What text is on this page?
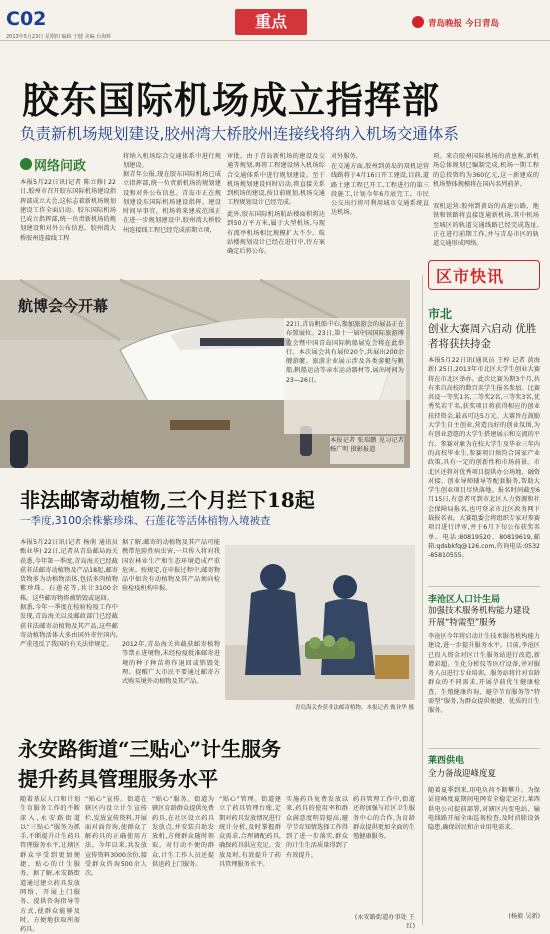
C02	重点
2013年5月23日 星期四 编辑 于健 美编 台海辉
青岛晚报 今日青岛
胶东国际机场成立指挥部
负责新机场规划建设,胶州湾大桥胶州连接线将纳入机场交通体系
网络问政
本报5月22日讯(记者 陈立修) 22日,胶州市召开胶东国际机场建设指挥部成立大会,这标志着新机场规划建设工作全面启动。胶东国际机场已成立指挥部,统一负责新机场的规划建设和对外公布信息。胶州湾大桥胶州连接线工程
将纳入机场综合交通体系中进行规划建设。
据青年公报,现在胶东国际机场已成立指挥部,统一负责新机场的规划建设和对外公布信息。青岛市正在规划建设东国际机场建设指挥。建设时间早事宜。机场将来建成范围正在进一步规划建设中,胶州湾大桥胶州连接线工程已经完成前期立项,
审批。由于青岛新机场的建设及交通等规划,再将工程建设纳入机场综合交通体系中进行规划建设。至于机场规划建设何时启动,将直接关系到机场的建设,按目前规划,机场交通工程规划设计已经完成。
此外,胶东国际机场航站楼面积将达到50万平方米,属于大型机场,与现有流亭机场相比规模扩大不少。航站楼规划设计已经在进行中,待方案确定后将公布。
对外服务。
在交通方面,胶州到黄岛的双机运营线路将于4月16日开工建设,目前,道路土建工程已开工,工程进行的第三段施工,计划今年6月底完工。市民公交出行将可利用城市交通系统直达机场。
项。来自胶州国际机场的消息称,新机场总体规划已编制完成,机场一期工程的总投资约为360亿元,这一新建成的机场整体规模将在国内名列前茅。
双机运营:胶州到黄岛的高速公路、地铁和铁路将直接连通新机场,其中机场至城区的轨道交通线路已经完成选址,正在进行前期工作,并与青岛市区的轨道交通形成网络。
航博会今开幕
22日,青岛帆船中心,参加旅游会的展品正在布置展位。23日,第十一届中国国际旅游博览会暨中国青岛国际帆船展览会将在此举行。本次展会共有展位20个,共展出200余艘游艇。旅游企业展示涉及各类游艇与帆船,帆船运动等亲水运动器材等,展出时间为23—26日。
本报记者 张瑞鹏 见习记者 杨广明 摄影报道
非法邮寄动植物,三个月拦下18起
一季度,3100余株紫珍珠、石莲花等活体植物入境被查
本报5月22日讯(记者 杨萌 通讯员 甄业华) 22日,记者从青岛邮局海关获悉,今年第一季度,青岛海关已经截获非法邮寄动植物及产品18起,邮寄货物多为动植物活体,包括多肉植物紫珍珠、石莲花等,共计3100余株。这些邮寄物将被销毁或退回。
据悉,今年一季度在检验检疫工作中发现,青岛海关以及邮政部门已经截获非法邮寄动植物及其产品,这些邮寄动植物活体大多由国外寄往国内,严重违反了我国的有关法律规定。
据了解,邮寄的动植物及其产品可能携带危险性病虫害,一旦传入将对我国农林业生产和生态环境造成严重危害。按规定,在申报过程中,邮寄物品中如含有动植物及其产品须向检验检疫机构申报。
2012年,青岛海关共截获邮寄植物等禁止进境物,未经检疫批准邮寄进境的种子种苗将作退回或销毁处理。提醒广大市民不要通过邮寄方式购买境外动植物及其产品。
青岛海关查获非法邮寄植物。本报记者 甄业华 摄
永安路街道“三贴心”计生服务
提升药具管理服务水平
随着基层人口和计划生育服务工作的不断深入,永安路街道以“三贴心”服务为抓手,不断提升计生药具管理服务水平,让辖区群众享受到更加便捷、贴心的计生服务。据了解,永安路街道通过建立药具发放网络、开展上门服务、提供咨询指导等方式,使群众能够及时、方便地获取所需药具。
“贴心”宣传。街道在辖区内设立计生宣传栏,发放宣传资料,开展面对面咨询,使群众了解药具的正确使用方法。今年以来,共发放宣传资料3000余份,接受群众咨询500余人次。
“贴心”服务。街道为辖区育龄群众提供免费药具,在社区设立药具发放点,并安装自助发放机,方便群众随时领取。对行动不便的群众,计生工作人员还提供送药上门服务。
“贴心”管理。街道建立了药具管理台账,定期对药具发放情况进行统计分析,及时掌握群众需求,合理调配药具,确保药具供应充足、发放及时,有效提升了药具管理服务水平。
实施药具免费发放以来,药具的使用率和群众满意度明显提高,避孕节育知情选择工作得到了进一步落实,群众的计生生活质量得到了有效提升。
药具管理工作中,街道还将加强与社区卫生服务中心的合作,为育龄群众提供更加全面的生殖健康服务。
(永安路街道办事处 王红)
区市快讯
市北
创业大赛周六启动 优胜者将获扶持金
本报5月22日讯(通讯员 王梓 记者 黄海新) 25日,2013年市北区大学生创业大赛将在市北区举办。此次比赛为期3个月,共有来自高校的数百名学生报名参加。比赛共设一等奖1名,二等奖2名,三等奖3名,优秀奖若干名,获奖项目将获得相应的创业扶持资金,最高可达5万元。大赛旨在鼓励大学生自主创业,营造良好的创业氛围,为有创业意愿的大学生搭建展示和交流的平台。参赛对象为在校大学生及毕业三年内的高校毕业生,参赛项目须符合国家产业政策,具有一定的创新性和市场前景。市北区还将对优秀项目提供办公场地、融资对接、创业导师辅导等配套服务,帮助大学生创业项目尽快落地。报名时间截至6月15日,有意者可到市北区人力资源和社会保障局报名,也可登录市北区政务网下载报名表。大赛组委会将组织专家对参赛项目进行评审,并于6月下旬公布获奖名单。电话:80819520、80819619,邮箱:qdsbkfq@126.com,咨询电话:0532-85810555。
李沧区人口计生局
加强技术服务机构能力建设 开展“特需型”服务
李沧区今年将启动计生技术服务机构能力建设,进一步提升服务水平。目前,李沧区已投入资金对区计生服务站进行改造,新增彩超、生化分析仪等医疗设备,并对服务人员进行专业培训。服务站将针对育龄群众的不同需求,开展孕前优生健康检查、生殖健康咨询、避孕节育服务等“特需型”服务,为群众提供便捷、优质的计生服务。
莱西供电
全力备战迎峰度夏
随着夏季到来,用电负荷不断攀升。为保证迎峰度夏期间电网安全稳定运行,莱西供电公司提前部署,对辖区内变电站、输电线路开展全面巡视检查,及时消除设备隐患,确保居民和企业用电需求。
(杨毅 吴新)
